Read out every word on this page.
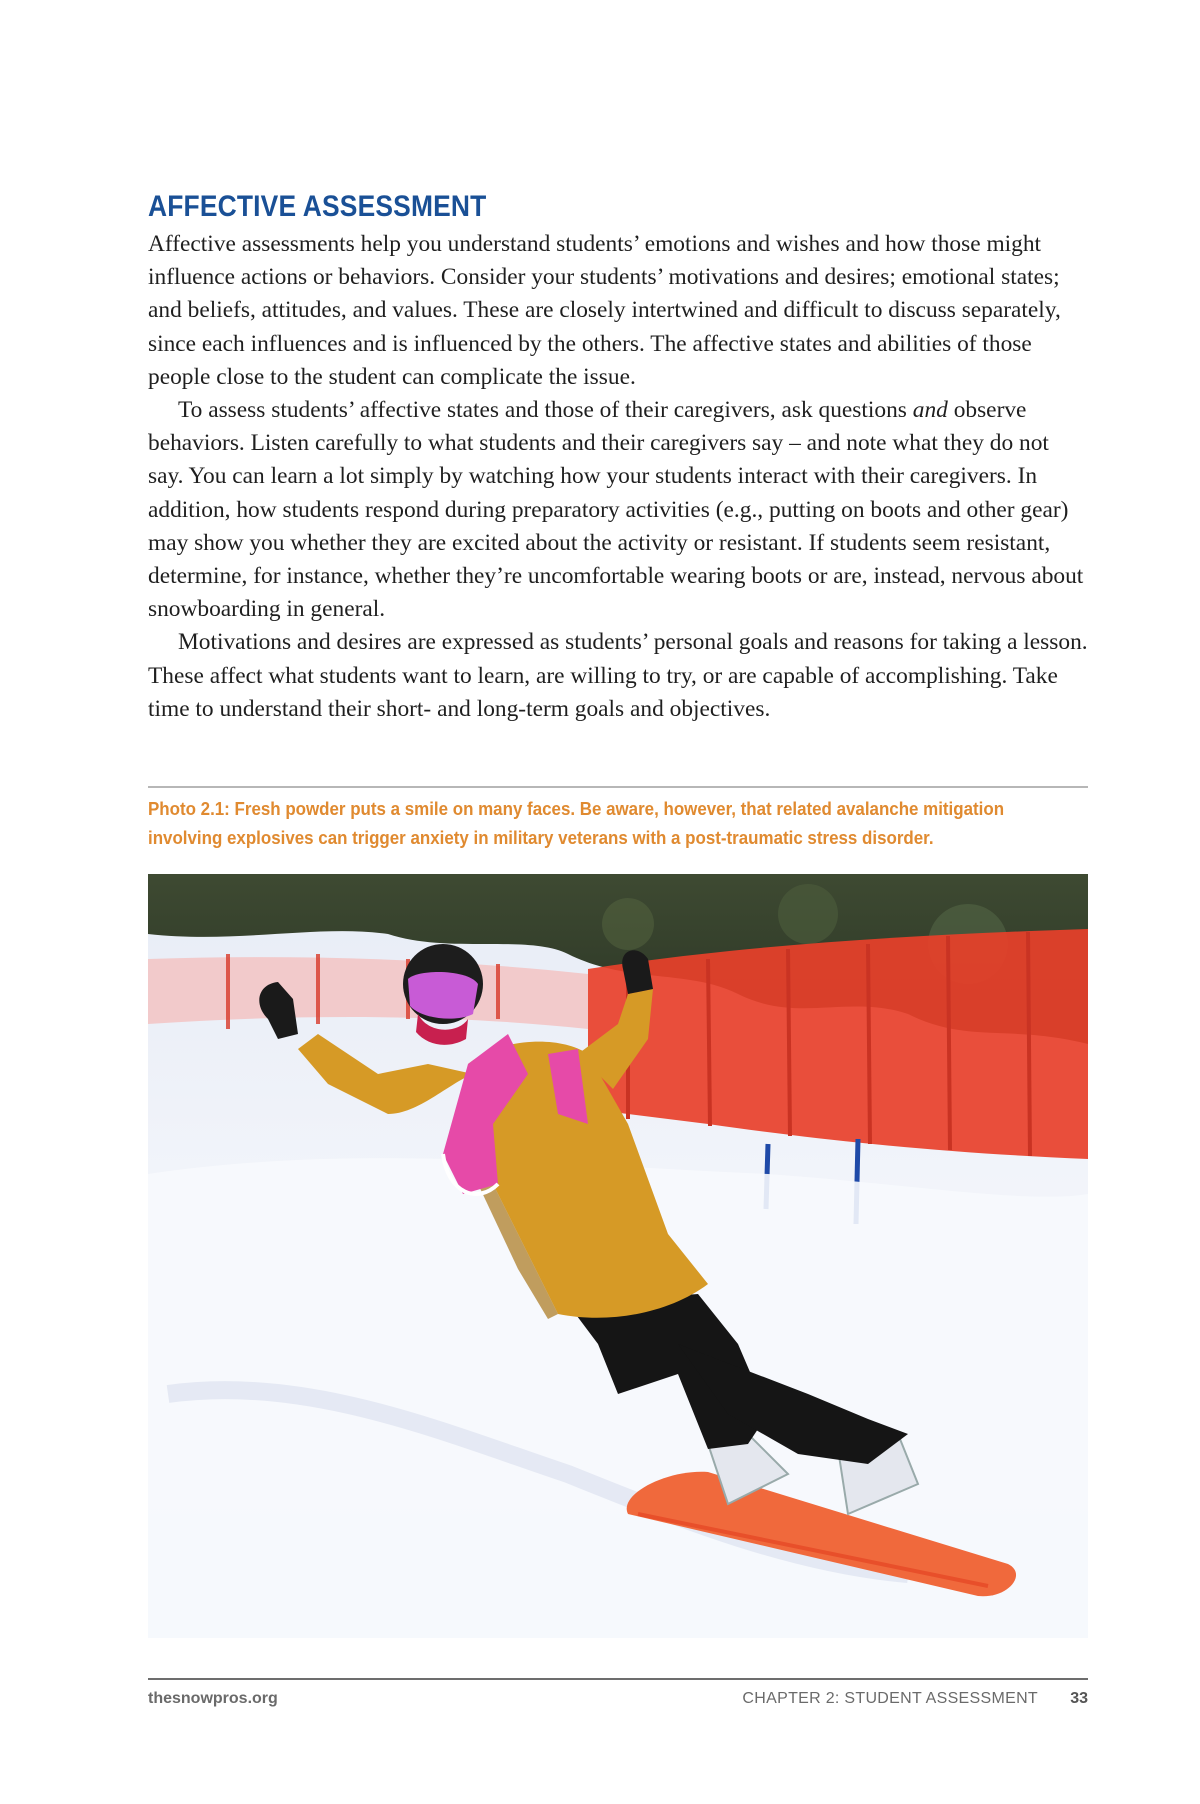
AFFECTIVE ASSESSMENT

Affective assessments help you understand students’ emotions and wishes and how those might influence actions or behaviors. Consider your students’ motivations and desires; emotional states; and beliefs, attitudes, and values. These are closely intertwined and difficult to discuss separately, since each influences and is influenced by the others. The affective states and abilities of those people close to the student can complicate the issue.

To assess students’ affective states and those of their caregivers, ask questions and observe behaviors. Listen carefully to what students and their caregivers say – and note what they do not say. You can learn a lot simply by watching how your students interact with their caregivers. In addition, how students respond during preparatory activities (e.g., putting on boots and other gear) may show you whether they are excited about the activity or resistant. If students seem resistant, determine, for instance, whether they’re uncomfortable wearing boots or are, instead, nervous about snowboarding in general.

Motivations and desires are expressed as students’ personal goals and reasons for taking a lesson. These affect what students want to learn, are willing to try, or are capable of accomplishing. Take time to understand their short- and long-term goals and objectives.

Photo 2.1: Fresh powder puts a smile on many faces. Be aware, however, that related avalanche mitigation
involving explosives can trigger anxiety in military veterans with a post-traumatic stress disorder.
thesnowpros.org	CHAPTER 2: STUDENT ASSESSMENT 33
